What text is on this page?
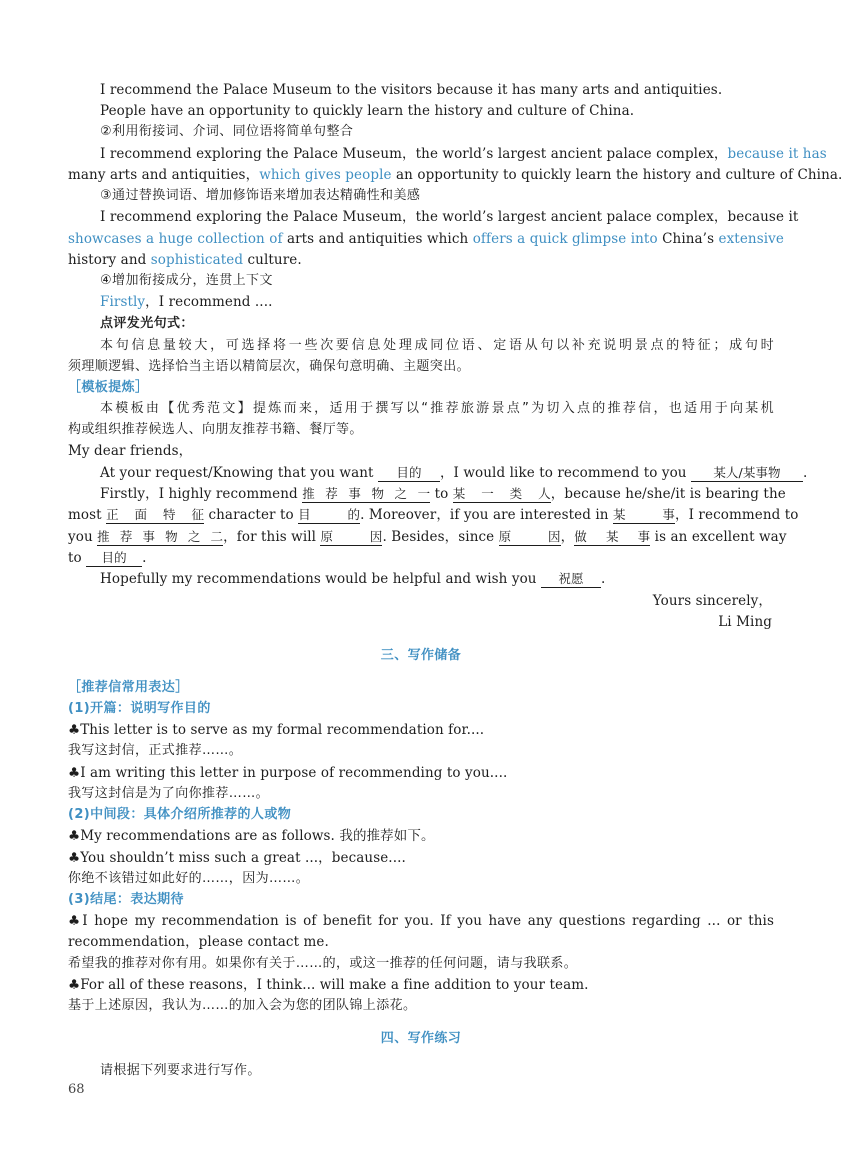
I recommend the Palace Museum to the visitors because it has many arts and antiquities.
People have an opportunity to quickly learn the history and culture of China.
②利用衔接词、介词、同位语将简单句整合
I recommend exploring the Palace Museum，the world’s largest ancient palace complex，because it has
many arts and antiquities，which gives people an opportunity to quickly learn the history and culture of China.
③通过替换词语、增加修饰语来增加表达精确性和美感
I recommend exploring the Palace Museum，the world’s largest ancient palace complex，because it
showcases a huge collection of arts and antiquities which offers a quick glimpse into China’s extensive
history and sophisticated culture.
④增加衔接成分，连贯上下文
Firstly，I recommend ....
点评发光句式：
本句信息量较大，可选择将一些次要信息处理成同位语、定语从句以补充说明景点的特征；成句时
须理顺逻辑、选择恰当主语以精简层次，确保句意明确、主题突出。
［模板提炼］
本模板由【优秀范文】提炼而来，适用于撰写以“推荐旅游景点”为切入点的推荐信，也适用于向某机
构或组织推荐候选人、向朋友推荐书籍、餐厅等。
My dear friends，
At your request/Knowing that you want 目的 ，I would like to recommend to you 某人/某事物 .
Firstly，I highly recommend 推荐事物之一 to 某一类人，because he/she/it is bearing the
most 正面特征 character to 目的. Moreover，if you are interested in 某事，I recommend to
you 推荐事物之二，for this will 原因. Besides，since 原因，做某事 is an excellent way
to 目的 .
Hopefully my recommendations would be helpful and wish you 祝愿 .
Yours sincerely，
Li Ming
三、写作储备
［推荐信常用表达］
(1)开篇：说明写作目的
♣This letter is to serve as my formal recommendation for....
我写这封信，正式推荐……。
♣I am writing this letter in purpose of recommending to you....
我写这封信是为了向你推荐……。
(2)中间段：具体介绍所推荐的人或物
♣My recommendations are as follows. 我的推荐如下。
♣You shouldn’t miss such a great ...，because....
你绝不该错过如此好的……，因为……。
(3)结尾：表达期待
♣I hope my recommendation is of benefit for you. If you have any questions regarding ... or this
recommendation，please contact me.
希望我的推荐对你有用。如果你有关于……的，或这一推荐的任何问题，请与我联系。
♣For all of these reasons，I think... will make a fine addition to your team.
基于上述原因，我认为……的加入会为您的团队锦上添花。
四、写作练习
请根据下列要求进行写作。
68
